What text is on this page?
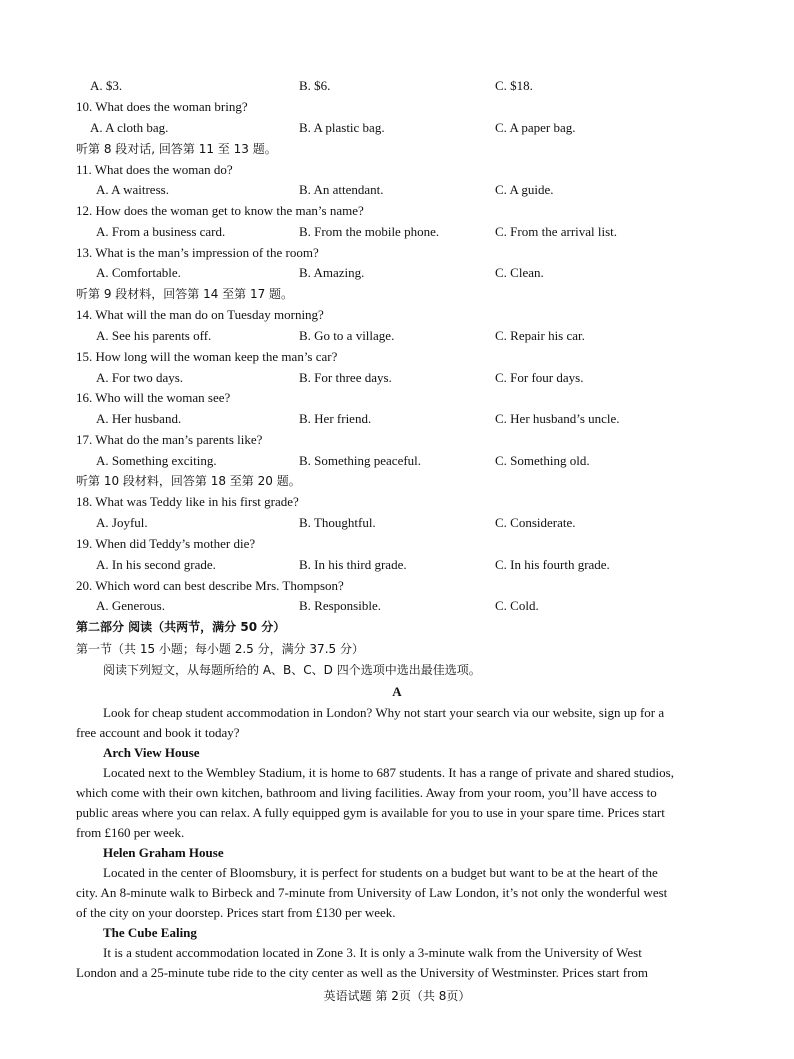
A. $3.	B. $6.	C. $18.
10. What does the woman bring?
A. A cloth bag.	B. A plastic bag.	C. A paper bag.
听第 8 段对话, 回答第 11 至 13 题。
11. What does the woman do?
A. A waitress.	B. An attendant.	C. A guide.
12. How does the woman get to know the man’s name?
A. From a business card.	B. From the mobile phone.	C. From the arrival list.
13. What is the man’s impression of the room?
A. Comfortable.	B. Amazing.	C. Clean.
听第 9 段材料，回答第 14 至第 17 题。
14. What will the man do on Tuesday morning?
A. See his parents off.	B. Go to a village.	C. Repair his car.
15. How long will the woman keep the man’s car?
A. For two days.	B. For three days.	C. For four days.
16. Who will the woman see?
A. Her husband.	B. Her friend.	C. Her husband’s uncle.
17. What do the man’s parents like?
A. Something exciting.	B. Something peaceful.	C. Something old.
听第 10 段材料，回答第 18 至第 20 题。
18. What was Teddy like in his first grade?
A. Joyful.	B. Thoughtful.	C. Considerate.
19. When did Teddy’s mother die?
A. In his second grade.	B. In his third grade.	C. In his fourth grade.
20. Which word can best describe Mrs. Thompson?
A. Generous.	B. Responsible.	C. Cold.
第二部分 阅读（共两节，满分 50 分）
第一节（共 15 小题；每小题 2.5 分，满分 37.5 分）
阅读下列短文，从每题所给的 A、B、C、D 四个选项中选出最佳选项。
A
Look for cheap student accommodation in London? Why not start your search via our website, sign up for a
free account and book it today?
Arch View House
Located next to the Wembley Stadium, it is home to 687 students. It has a range of private and shared studios,
which come with their own kitchen, bathroom and living facilities. Away from your room, you’ll have access to
public areas where you can relax. A fully equipped gym is available for you to use in your spare time. Prices start
from £160 per week.
Helen Graham House
Located in the center of Bloomsbury, it is perfect for students on a budget but want to be at the heart of the
city. An 8-minute walk to Birbeck and 7-minute from University of Law London, it’s not only the wonderful west
of the city on your doorstep. Prices start from £130 per week.
The Cube Ealing
It is a student accommodation located in Zone 3. It is only a 3-minute walk from the University of West
London and a 25-minute tube ride to the city center as well as the University of Westminster. Prices start from
英语试题 第 2页（共 8页）
